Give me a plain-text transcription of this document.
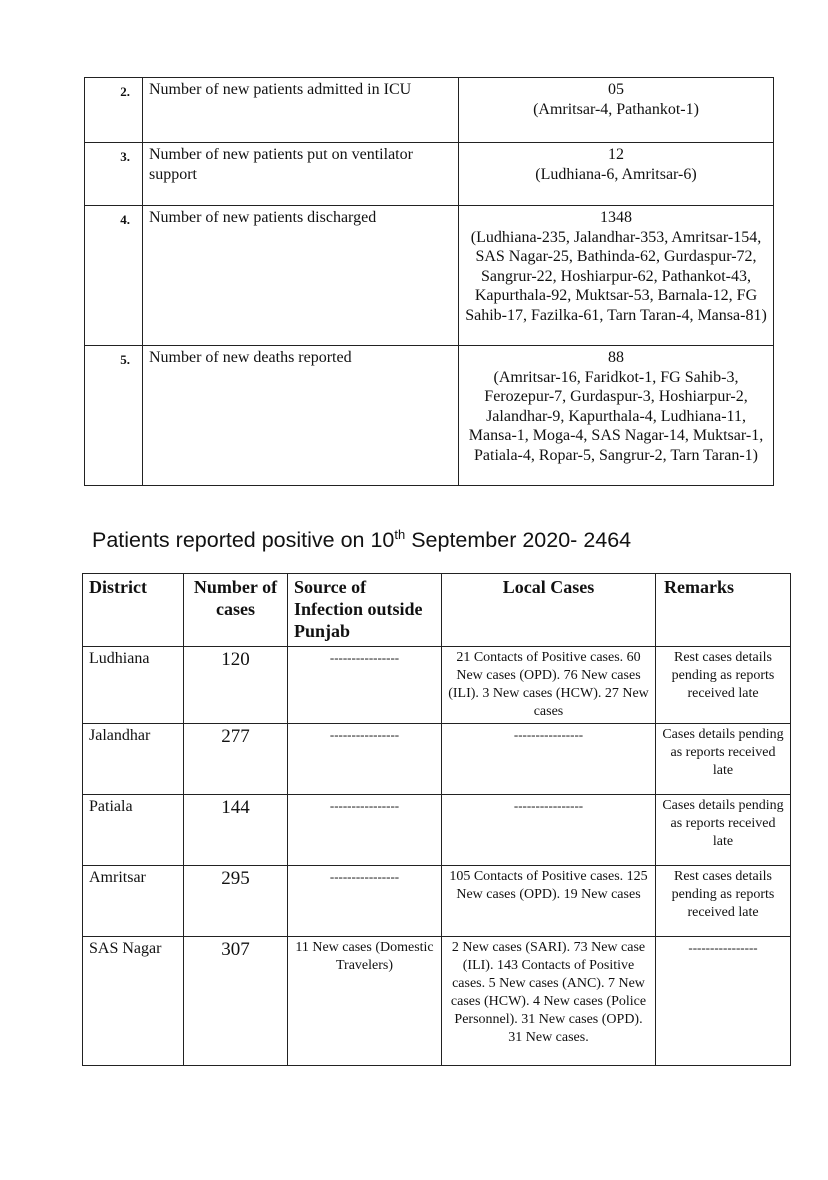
2.	Number of new patients admitted in ICU	05
(Amritsar-4, Pathankot-1)

3.	Number of new patients put on ventilator support	12
(Ludhiana-6, Amritsar-6)

4.	Number of new patients discharged	1348
(Ludhiana-235, Jalandhar-353, Amritsar-154, SAS Nagar-25, Bathinda-62, Gurdaspur-72, Sangrur-22, Hoshiarpur-62, Pathankot-43, Kapurthala-92, Muktsar-53, Barnala-12, FG Sahib-17, Fazilka-61, Tarn Taran-4, Mansa-81)

5.	Number of new deaths reported	88
(Amritsar-16, Faridkot-1, FG Sahib-3, Ferozepur-7, Gurdaspur-3, Hoshiarpur-2, Jalandhar-9, Kapurthala-4, Ludhiana-11, Mansa-1, Moga-4, SAS Nagar-14, Muktsar-1, Patiala-4, Ropar-5, Sangrur-2, Tarn Taran-1)
Patients reported positive on 10th September 2020- 2464
District	Number of cases	Source of Infection outside Punjab	Local Cases	Remarks
Ludhiana	120	----------------	21 Contacts of Positive cases. 60 New cases (OPD). 76 New cases (ILI). 3 New cases (HCW). 27 New cases	Rest cases details pending as reports received late
Jalandhar	277	----------------	----------------	Cases details pending as reports received late
Patiala	144	----------------	----------------	Cases details pending as reports received late
Amritsar	295	----------------	105 Contacts of Positive cases. 125 New cases (OPD). 19 New cases	Rest cases details pending as reports received late
SAS Nagar	307	11 New cases (Domestic Travelers)	2 New cases (SARI). 73 New case (ILI). 143 Contacts of Positive cases. 5 New cases (ANC). 7 New cases (HCW). 4 New cases (Police Personnel). 31 New cases (OPD). 31 New cases.	----------------
